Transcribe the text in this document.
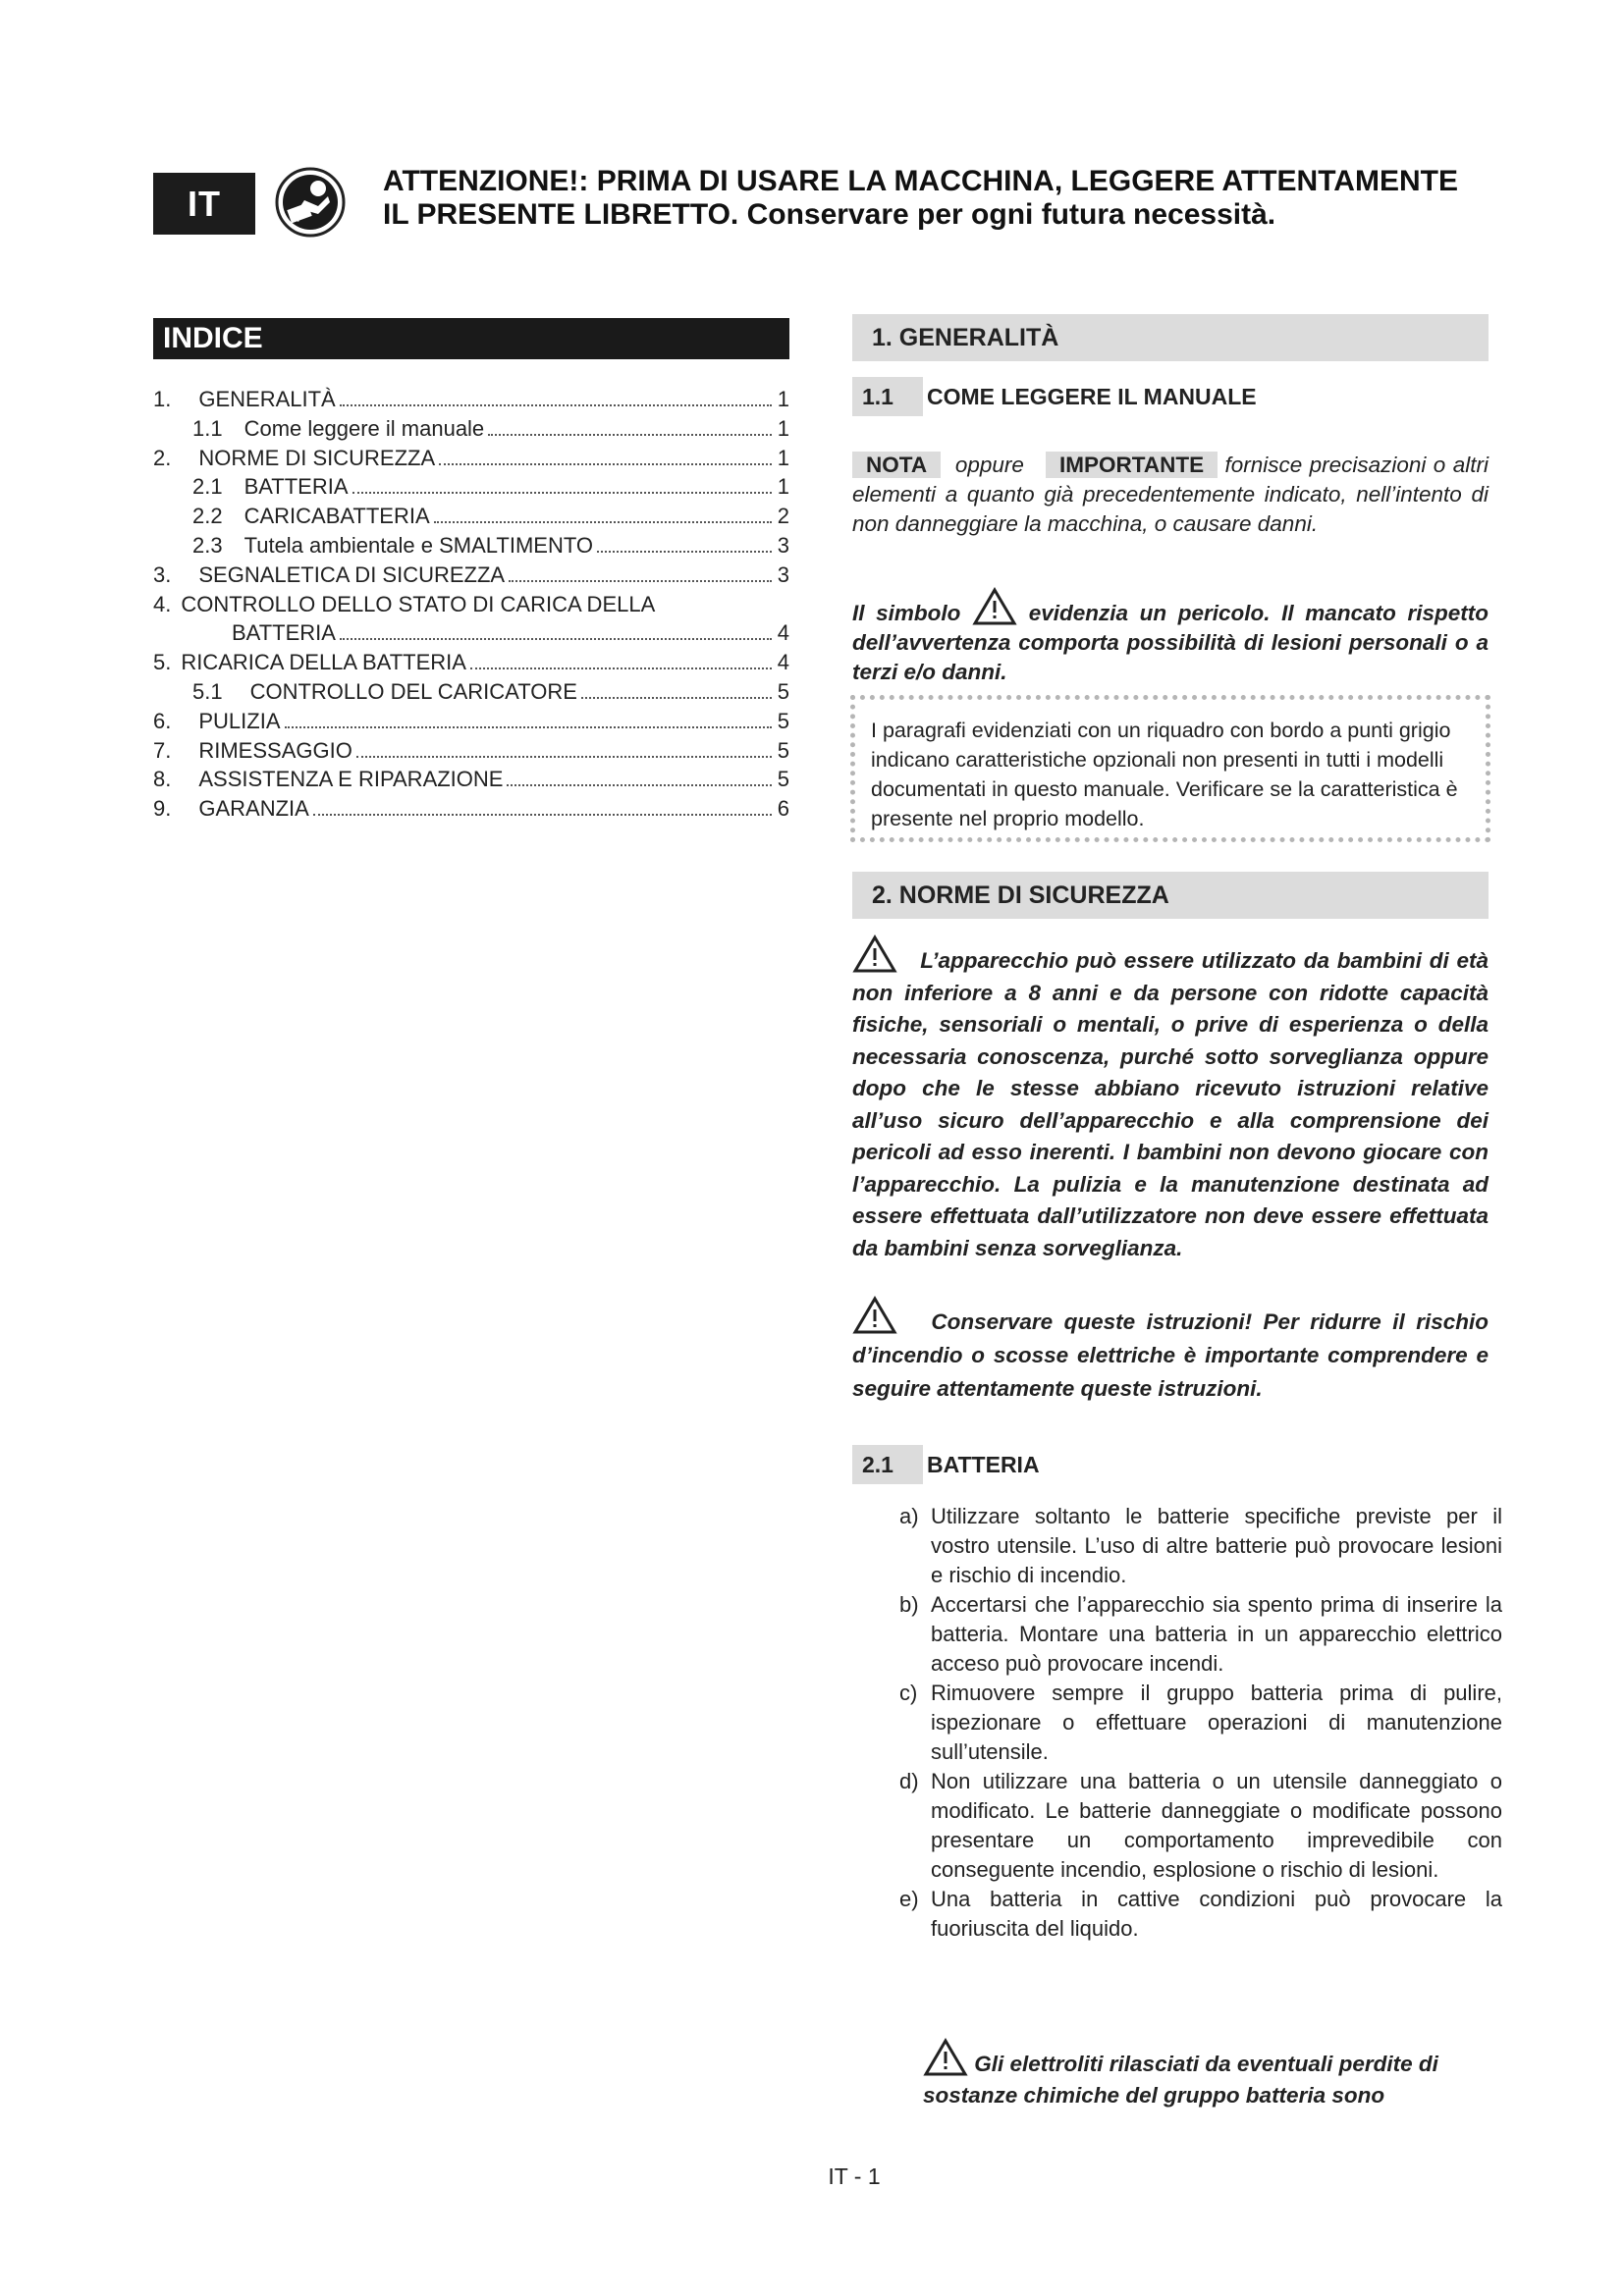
IT
ATTENZIONE!: PRIMA DI USARE LA MACCHINA, LEGGERE ATTENTAMENTE
IL PRESENTE LIBRETTO. Conservare per ogni futura necessità.
INDICE
1. GENERALITÀ	1
1.1 Come leggere il manuale	1
2. NORME DI SICUREZZA	1
2.1 BATTERIA	1
2.2 CARICABATTERIA	2
2.3 Tutela ambientale e SMALTIMENTO	3
3. SEGNALETICA DI SICUREZZA	3
4. CONTROLLO DELLO STATO DI CARICA DELLA
BATTERIA	4
5. RICARICA DELLA BATTERIA	4
5.1 CONTROLLO DEL CARICATORE	5
6. PULIZIA	5
7. RIMESSAGGIO	5
8. ASSISTENZA E RIPARAZIONE	5
9. GARANZIA	6
1. GENERALITÀ
1.1	COME LEGGERE IL MANUALE
NOTA oppure IMPORTANTE fornisce precisazioni o altri elementi a quanto già precedentemente indicato, nell’intento di non danneggiare la macchina, o causare danni.
Il simbolo	evidenzia un pericolo. Il mancato rispetto dell’avvertenza comporta possibilità di lesioni personali o a terzi e/o danni.
I paragrafi evidenziati con un riquadro con bordo a punti grigio indicano caratteristiche opzionali non presenti in tutti i modelli documentati in questo manuale. Verificare se la caratteristica è presente nel proprio modello.
2. NORME DI SICUREZZA
L’apparecchio può essere utilizzato da bambini di età non inferiore a 8 anni e da persone con ridotte capacità fisiche, sensoriali o mentali, o prive di esperienza o della necessaria conoscenza, purché sotto sorveglianza oppure dopo che le stesse abbiano ricevuto istruzioni relative all’uso sicuro dell’apparecchio e alla comprensione dei pericoli ad esso inerenti. I bambini non devono giocare con l’apparecchio. La pulizia e la manutenzione destinata ad essere effettuata dall’utilizzatore non deve essere effettuata da bambini senza sorveglianza.
Conservare queste istruzioni! Per ridurre il rischio d’incendio o scosse elettriche è importante comprendere e seguire attentamente queste istruzioni.
2.1	BATTERIA
a) Utilizzare soltanto le batterie specifiche previste per il vostro utensile. L’uso di altre batterie può provocare lesioni e rischio di incendio.
b) Accertarsi che l’apparecchio sia spento prima di inserire la batteria. Montare una batteria in un apparecchio elettrico acceso può provocare incendi.
c) Rimuovere sempre il gruppo batteria prima di pulire, ispezionare o effettuare operazioni di manutenzione sull’utensile.
d) Non utilizzare una batteria o un utensile danneggiato o modificato. Le batterie danneggiate o modificate possono presentare un comportamento imprevedibile con conseguente incendio, esplosione o rischio di lesioni.
e) Una batteria in cattive condizioni può provocare la fuoriuscita del liquido.
Gli elettroliti rilasciati da eventuali perdite di sostanze chimiche del gruppo batteria sono
IT - 1
